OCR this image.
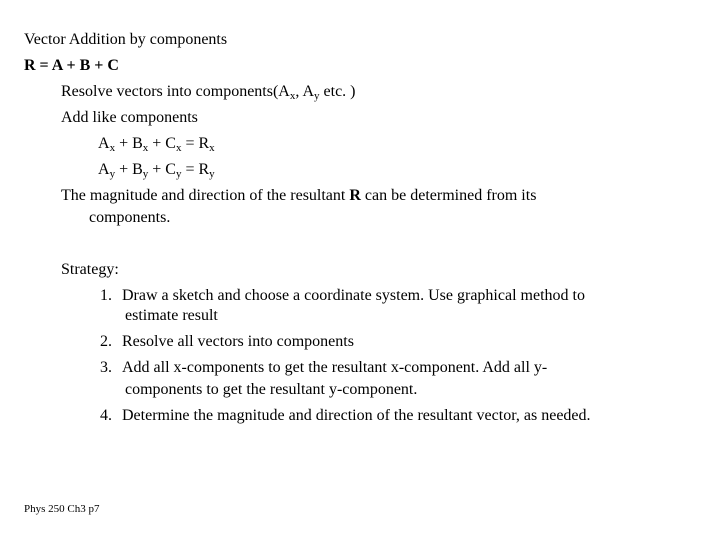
Vector Addition by components
R = A + B + C
Resolve vectors into $components(A_x$, $A_y$ etc. )
Add like components
$A_x + B_x + C_x = R_x$
$A_y + B_y + C_y = R_y$
The magnitude and direction of the resultant R can be determined from its
components.
Strategy:
1. Draw a sketch and choose a coordinate system. Use graphical method to
estimate result
2. Resolve all vectors into components
3. Add all x-components to get the resultant x-component. Add all y-
components to get the resultant y-component.
4. Determine the magnitude and direction of the resultant vector, as needed.
Phys 250 Ch3 p7
